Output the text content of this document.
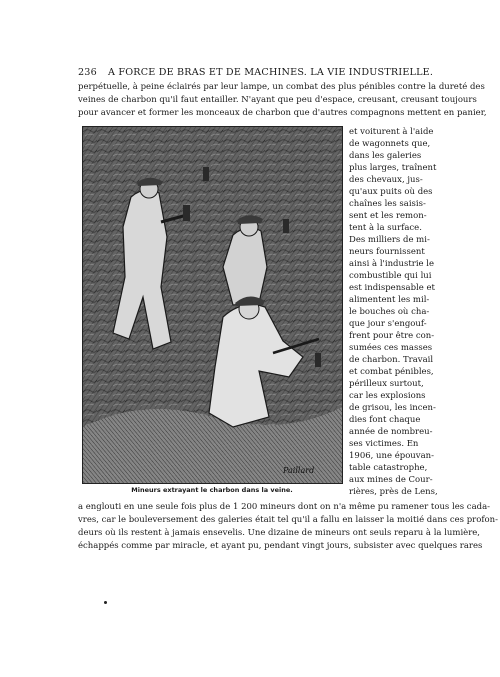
236 A FORCE DE BRAS ET DE MACHINES. LA VIE INDUSTRIELLE.
perpétuelle, à peine éclairés par leur lampe, un combat des plus pénibles contre la dureté des
veines de charbon qu'il faut entailler. N'ayant que peu d'espace, creusant, creusant toujours
pour avancer et former les monceaux de charbon que d'autres compagnons mettent en panier,
Paillard
Mineurs extrayant le charbon dans la veine.
et voiturent à l'aide
de wagonnets que,
dans les galeries
plus larges, traînent
des chevaux, jus-
qu'aux puits où des
chaînes les saisis-
sent et les remon-
tent à la surface.
Des milliers de mi-
neurs fournissent
ainsi à l'industrie le
combustible qui lui
est indispensable et
alimentent les mil-
le bouches où cha-
que jour s'engouf-
frent pour être con-
sumées ces masses
de charbon. Travail
et combat pénibles,
périlleux surtout,
car les explosions
de grisou, les incen-
dies font chaque
année de nombreu-
ses victimes. En
1906, une épouvan-
table catastrophe,
aux mines de Cour-
rières, près de Lens,
a englouti en une seule fois plus de 1 200 mineurs dont on n'a même pu ramener tous les cada-
vres, car le bouleversement des galeries était tel qu'il a fallu en laisser la moitié dans ces profon-
deurs où ils restent à jamais ensevelis. Une dizaine de mineurs ont seuls reparu à la lumière,
échappés comme par miracle, et ayant pu, pendant vingt jours, subsister avec quelques rares
